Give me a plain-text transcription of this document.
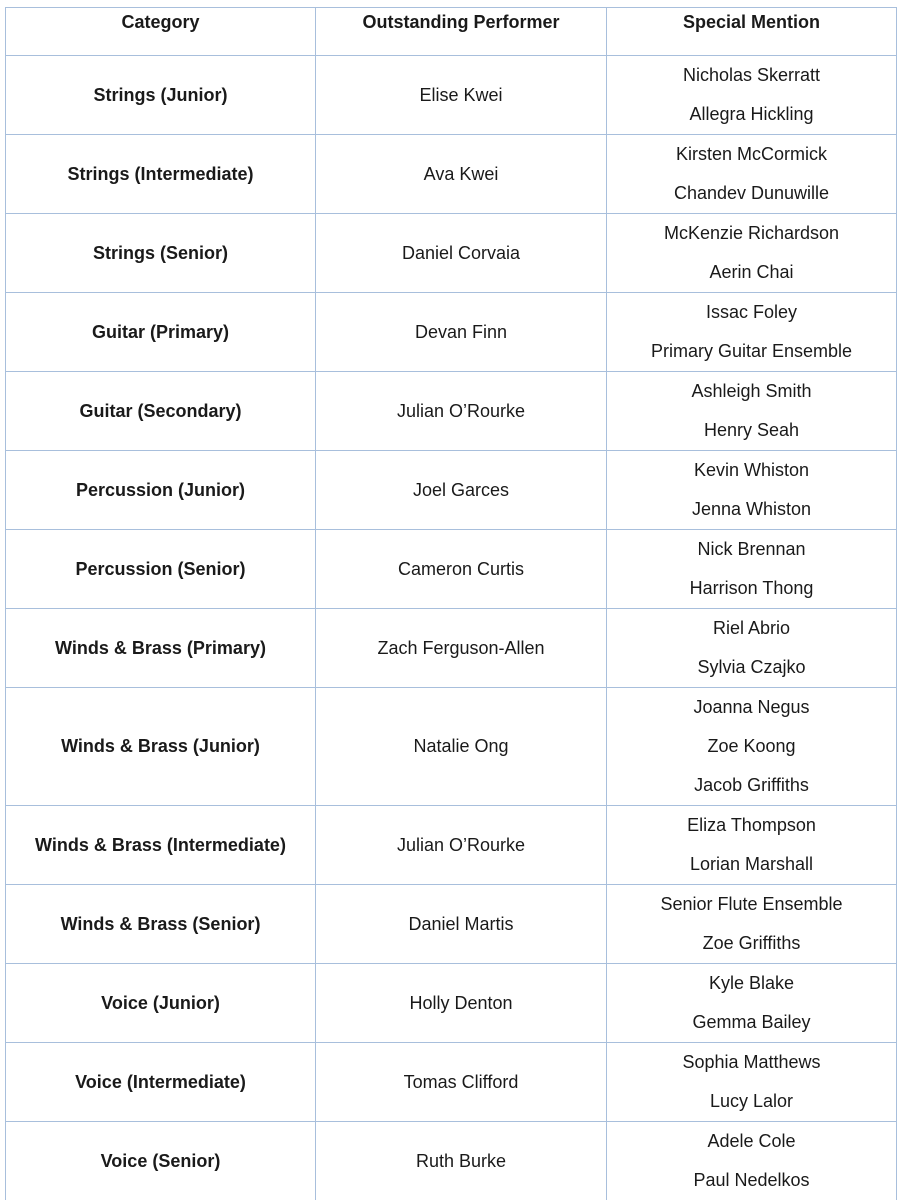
Category	Outstanding Performer	Special Mention
Strings (Junior)	Elise Kwei	Nicholas Skerratt
Allegra Hickling

Strings (Intermediate)	Ava Kwei	Kirsten McCormick
Chandev Dunuwille

Strings (Senior)	Daniel Corvaia	McKenzie Richardson
Aerin Chai

Guitar (Primary)	Devan Finn	Issac Foley
Primary Guitar Ensemble

Guitar (Secondary)	Julian O’Rourke	Ashleigh Smith
Henry Seah

Percussion (Junior)	Joel Garces	Kevin Whiston
Jenna Whiston

Percussion (Senior)	Cameron Curtis	Nick Brennan
Harrison Thong

Winds & Brass (Primary)	Zach Ferguson-Allen	Riel Abrio
Sylvia Czajko

Winds & Brass (Junior)	Natalie Ong	Joanna Negus
Zoe Koong
Jacob Griffiths

Winds & Brass (Intermediate)	Julian O’Rourke	Eliza Thompson
Lorian Marshall

Winds & Brass (Senior)	Daniel Martis	Senior Flute Ensemble
Zoe Griffiths

Voice (Junior)	Holly Denton	Kyle Blake
Gemma Bailey

Voice (Intermediate)	Tomas Clifford	Sophia Matthews
Lucy Lalor

Voice (Senior)	Ruth Burke	Adele Cole
Paul Nedelkos
